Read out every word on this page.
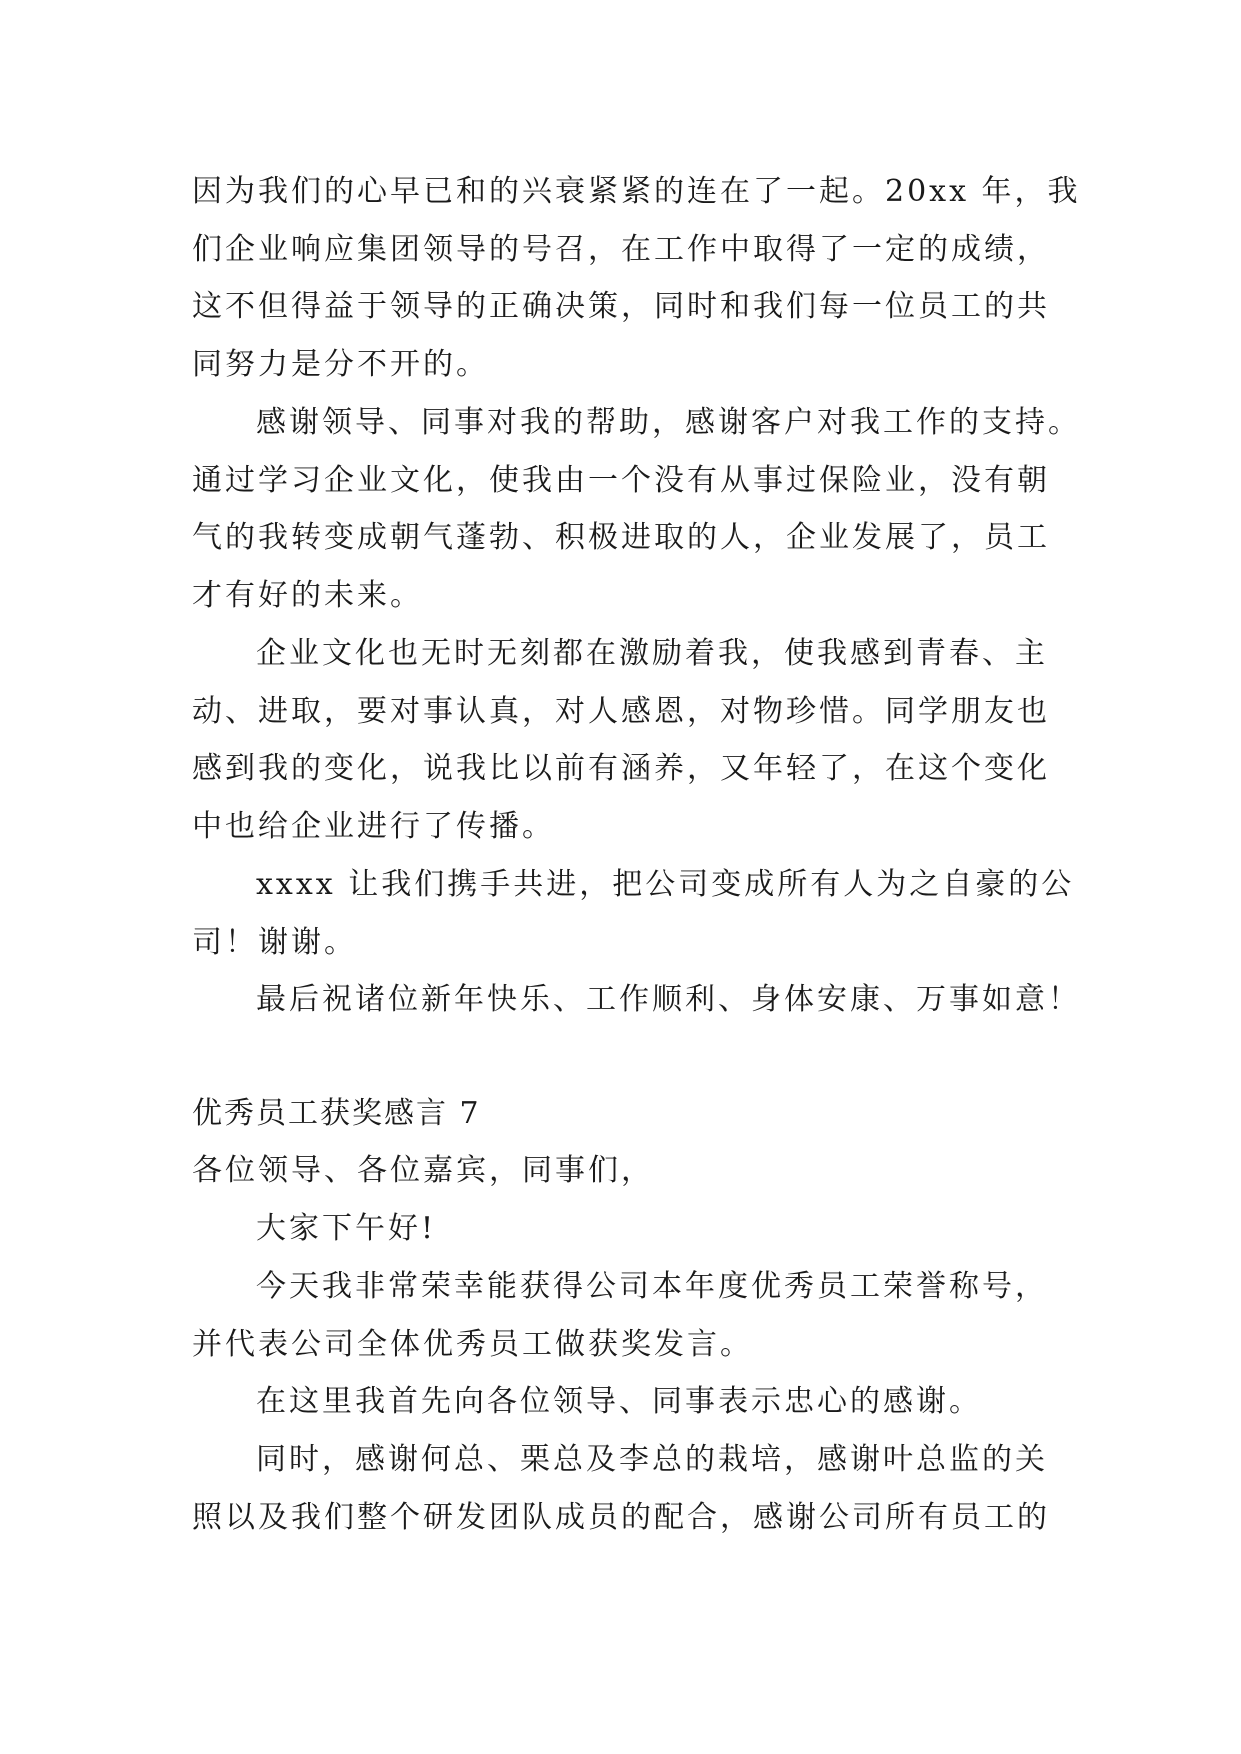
因为我们的心早已和的兴衰紧紧的连在了一起。20xx 年，我
们企业响应集团领导的号召，在工作中取得了一定的成绩，
这不但得益于领导的正确决策，同时和我们每一位员工的共
同努力是分不开的。
感谢领导、同事对我的帮助，感谢客户对我工作的支持。
通过学习企业文化，使我由一个没有从事过保险业，没有朝
气的我转变成朝气蓬勃、积极进取的人，企业发展了，员工
才有好的未来。
企业文化也无时无刻都在激励着我，使我感到青春、主
动、进取，要对事认真，对人感恩，对物珍惜。同学朋友也
感到我的变化，说我比以前有涵养，又年轻了，在这个变化
中也给企业进行了传播。
xxxx 让我们携手共进，把公司变成所有人为之自豪的公
司！谢谢。
最后祝诸位新年快乐、工作顺利、身体安康、万事如意！
优秀员工获奖感言 7
各位领导、各位嘉宾，同事们，
大家下午好!
今天我非常荣幸能获得公司本年度优秀员工荣誉称号，
并代表公司全体优秀员工做获奖发言。
在这里我首先向各位领导、同事表示忠心的感谢。
同时，感谢何总、栗总及李总的栽培，感谢叶总监的关
照以及我们整个研发团队成员的配合，感谢公司所有员工的
